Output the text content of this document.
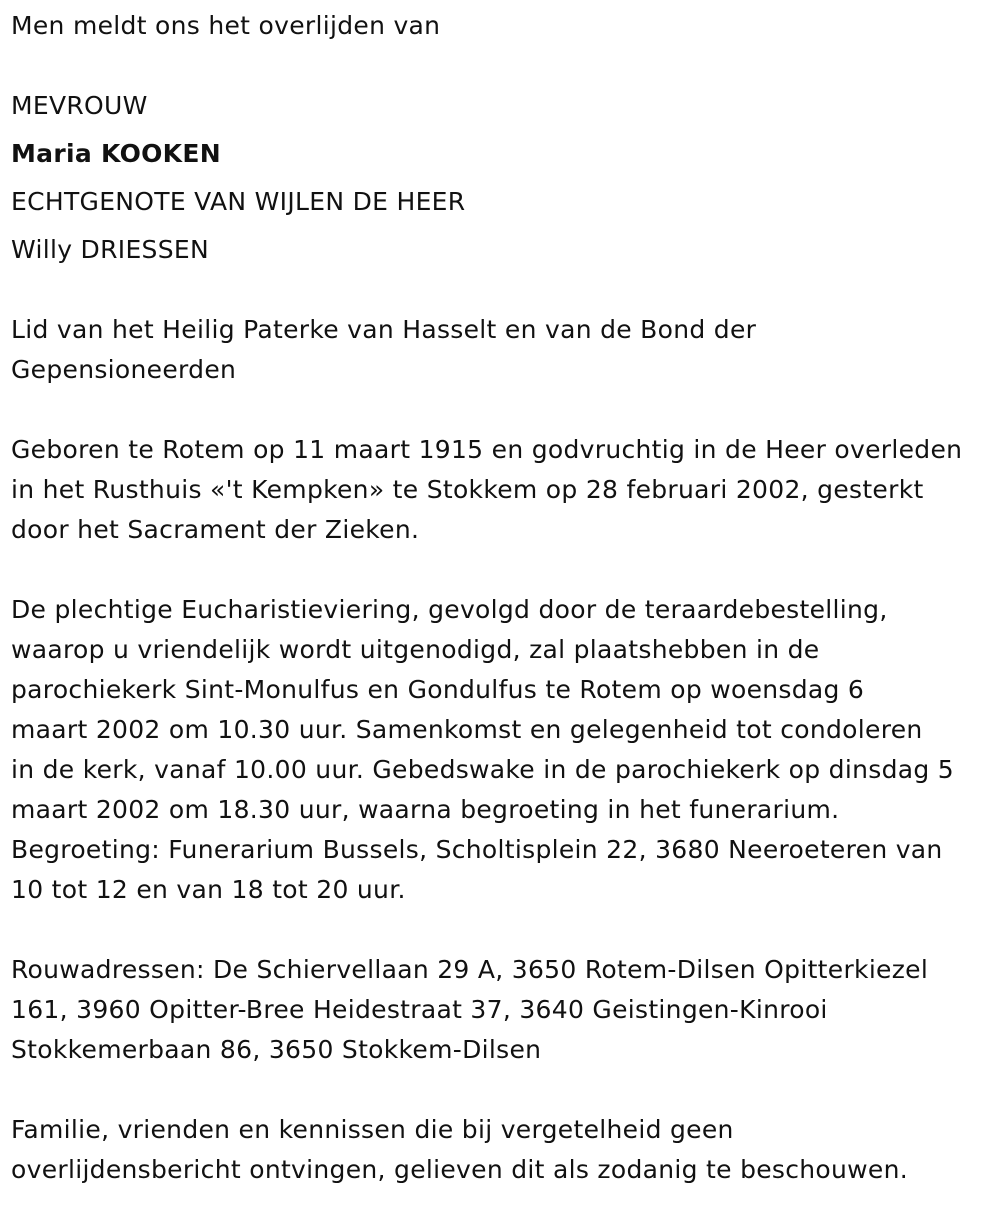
Men meldt ons het overlijden van

MEVROUW

Maria KOOKEN

ECHTGENOTE VAN WIJLEN DE HEER

Willy DRIESSEN

Lid van het Heilig Paterke van Hasselt en van de Bond der
Gepensioneerden

Geboren te Rotem op 11 maart 1915 en godvruchtig in de Heer overleden
in het Rusthuis «'t Kempken» te Stokkem op 28 februari 2002, gesterkt
door het Sacrament der Zieken.

De plechtige Eucharistieviering, gevolgd door de teraardebestelling,
waarop u vriendelijk wordt uitgenodigd, zal plaatshebben in de
parochiekerk Sint-Monulfus en Gondulfus te Rotem op woensdag 6
maart 2002 om 10.30 uur. Samenkomst en gelegenheid tot condoleren
in de kerk, vanaf 10.00 uur. Gebedswake in de parochiekerk op dinsdag 5
maart 2002 om 18.30 uur, waarna begroeting in het funerarium.
Begroeting: Funerarium Bussels, Scholtisplein 22, 3680 Neeroeteren van
10 tot 12 en van 18 tot 20 uur.

Rouwadressen: De Schiervellaan 29 A, 3650 Rotem-Dilsen Opitterkiezel
161, 3960 Opitter-Bree Heidestraat 37, 3640 Geistingen-Kinrooi
Stokkemerbaan 86, 3650 Stokkem-Dilsen

Familie, vrienden en kennissen die bij vergetelheid geen
overlijdensbericht ontvingen, gelieven dit als zodanig te beschouwen.
